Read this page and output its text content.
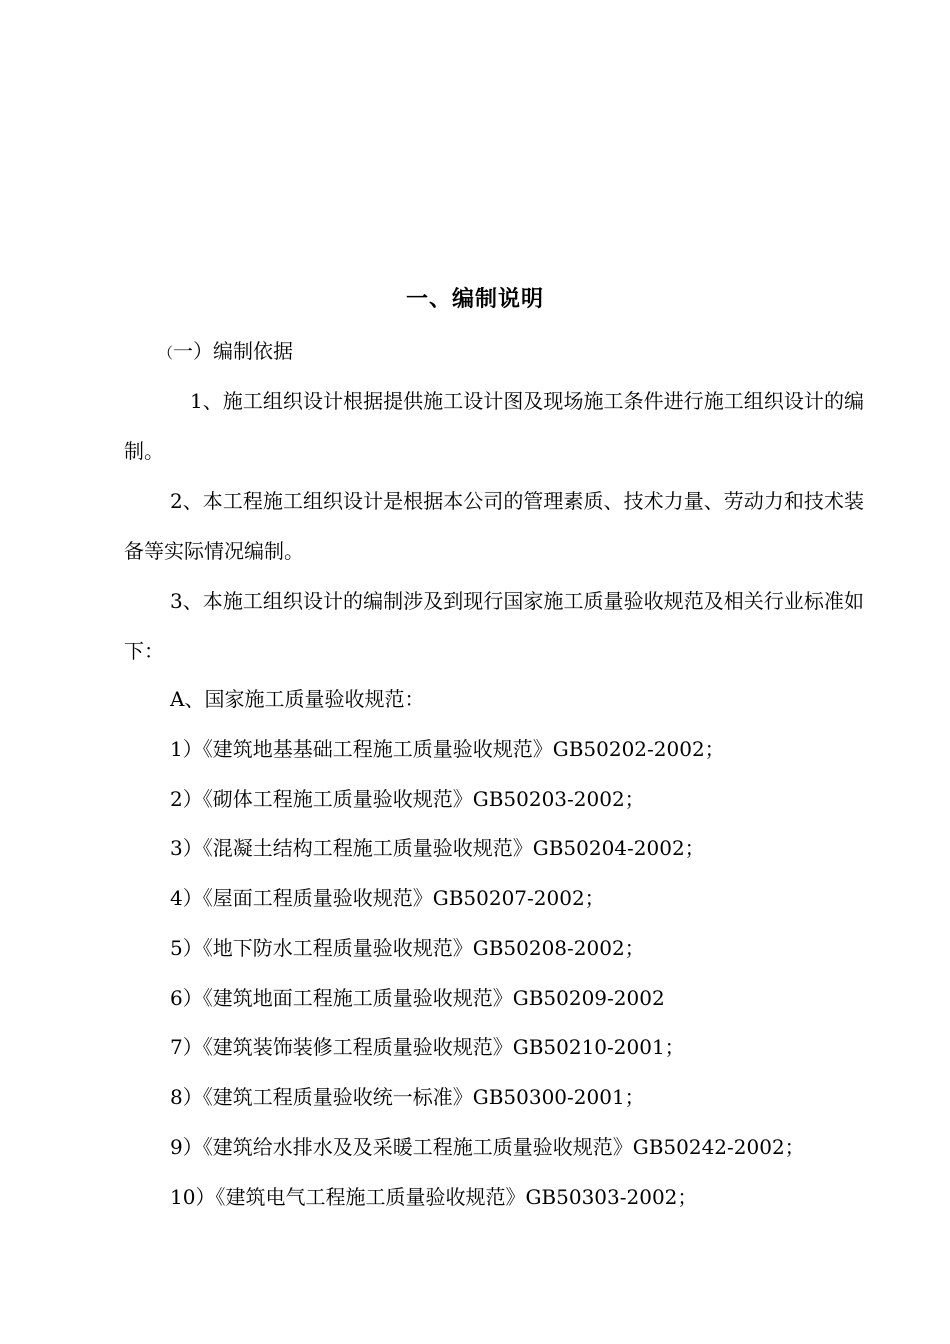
一、编制说明
（一）编制依据
1、施工组织设计根据提供施工设计图及现场施工条件进行施工组织设计的编制。
2、本工程施工组织设计是根据本公司的管理素质、技术力量、劳动力和技术装备等实际情况编制。
3、本施工组织设计的编制涉及到现行国家施工质量验收规范及相关行业标准如下：
A、国家施工质量验收规范：
1）《建筑地基基础工程施工质量验收规范》GB50202-2002；
2）《砌体工程施工质量验收规范》GB50203-2002；
3）《混凝土结构工程施工质量验收规范》GB50204-2002；
4）《屋面工程质量验收规范》GB50207-2002；
5）《地下防水工程质量验收规范》GB50208-2002；
6）《建筑地面工程施工质量验收规范》GB50209-2002
7）《建筑装饰装修工程质量验收规范》GB50210-2001；
8）《建筑工程质量验收统一标准》GB50300-2001；
9）《建筑给水排水及及采暖工程施工质量验收规范》GB50242-2002；
10）《建筑电气工程施工质量验收规范》GB50303-2002；
